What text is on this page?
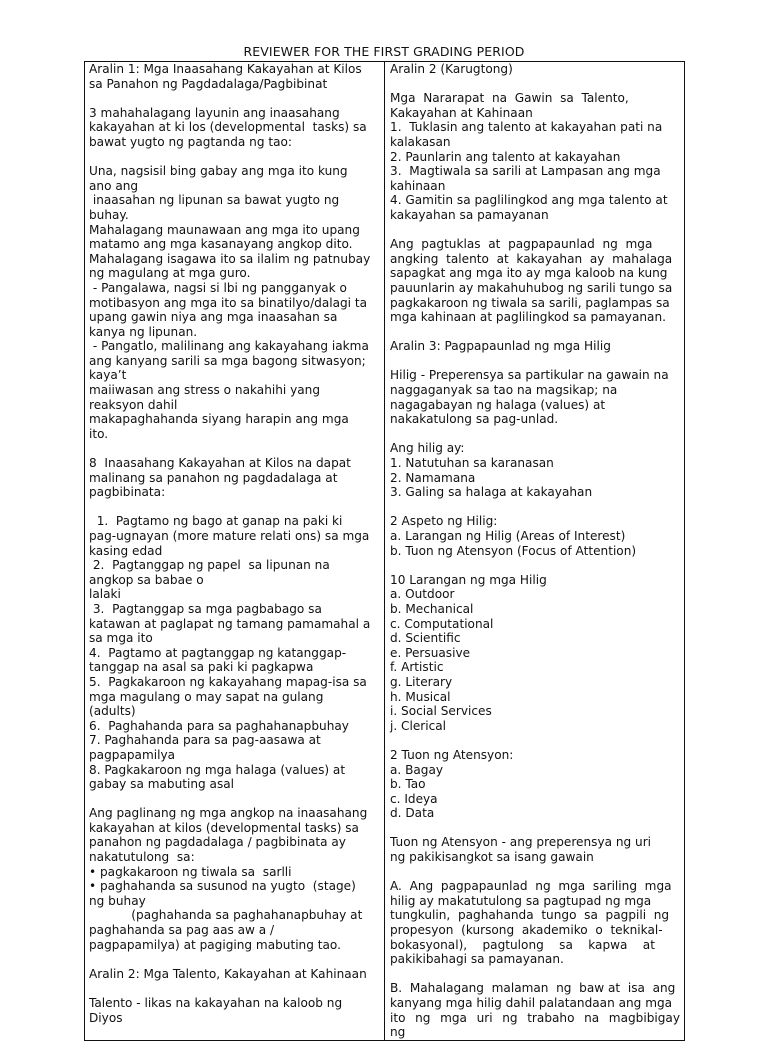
REVIEWER FOR THE FIRST GRADING PERIOD
Aralin 1: Mga Inaasahang Kakayahan at Kilos
sa Panahon ng Pagdadalaga/Pagbibinat

3 mahahalagang layunin ang inaasahang
kakayahan at ki los (developmental  tasks) sa
bawat yugto ng pagtanda ng tao:

Una, nagsisil bing gabay ang mga ito kung
ano ang
inaasahan ng lipunan sa bawat yugto ng
buhay.
Mahalagang maunawaan ang mga ito upang
matamo ang mga kasanayang angkop dito.
Mahalagang isagawa ito sa ilalim ng patnubay
ng magulang at mga guro.
- Pangalawa, nagsi si lbi ng pangganyak o
motibasyon ang mga ito sa binatilyo/dalagi ta
upang gawin niya ang mga inaasahan sa
kanya ng lipunan.
- Pangatlo, malilinang ang kakayahang iakma
ang kanyang sarili sa mga bagong sitwasyon;
kaya’t
maiiwasan ang stress o nakahihi yang
reaksyon dahil
makapaghahanda siyang harapin ang mga
ito.

8  Inaasahang Kakayahan at Kilos na dapat
malinang sa panahon ng pagdadalaga at
pagbibinata:

1.  Pagtamo ng bago at ganap na paki ki
pag-ugnayan (more mature relati ons) sa mga
kasing edad
2.  Pagtanggap ng papel  sa lipunan na
angkop sa babae o
lalaki
3.  Pagtanggap sa mga pagbabago sa
katawan at paglapat ng tamang pamamahal a
sa mga ito
4.  Pagtamo at pagtanggap ng katanggap-
tanggap na asal sa paki ki pagkapwa
5.  Pagkakaroon ng kakayahang mapag-isa sa
mga magulang o may sapat na gulang
(adults)
6.  Paghahanda para sa paghahanapbuhay
7. Paghahanda para sa pag-aasawa at
pagpapamilya
8. Pagkakaroon ng mga halaga (values) at
gabay sa mabuting asal

Ang paglinang ng mga angkop na inaasahang
kakayahan at kilos (developmental tasks) sa
panahon ng pagdadalaga / pagbibinata ay
nakatutulong  sa:
• pagkakaroon ng tiwala sa  sarlli
• paghahanda sa susunod na yugto  (stage)
ng buhay
(paghahanda sa paghahanapbuhay at
paghahanda sa pag aas aw a /
pagpapamilya) at pagiging mabuting tao.

Aralin 2: Mga Talento, Kakayahan at Kahinaan

Talento - likas na kakayahan na kaloob ng
Diyos
Aralin 2 (Karugtong)

Mga  Nararapat  na  Gawin  sa  Talento,
Kakayahan at Kahinaan
1.  Tuklasin ang talento at kakayahan pati na
kalakasan
2. Paunlarin ang talento at kakayahan
3.  Magtiwala sa sarili at Lampasan ang mga
kahinaan
4. Gamitin sa paglilingkod ang mga talento at
kakayahan sa pamayanan

Ang  pagtuklas  at  pagpapaunlad  ng  mga
angking  talento  at  kakayahan  ay  mahalaga
sapagkat ang mga ito ay mga kaloob na kung
pauunlarin ay makahuhubog ng sarili tungo sa
pagkakaroon ng tiwala sa sarili, paglampas sa
mga kahinaan at paglilingkod sa pamayanan.

Aralin 3: Pagpapaunlad ng mga Hilig

Hilig - Preperensya sa partikular na gawain na
naggaganyak sa tao na magsikap; na
nagagabayan ng halaga (values) at
nakakatulong sa pag-unlad.

Ang hilig ay:
1. Natutuhan sa karanasan
2. Namamana
3. Galing sa halaga at kakayahan

2 Aspeto ng Hilig:
a. Larangan ng Hilig (Areas of Interest)
b. Tuon ng Atensyon (Focus of Attention)

10 Larangan ng mga Hilig
a. Outdoor
b. Mechanical
c. Computational
d. Scientific
e. Persuasive
f. Artistic
g. Literary
h. Musical
i. Social Services
j. Clerical

2 Tuon ng Atensyon:
a. Bagay
b. Tao
c. Ideya
d. Data

Tuon ng Atensyon - ang preperensya ng uri
ng pakikisangkot sa isang gawain

A.  Ang  pagpapaunlad  ng  mga  sariling  mga
hilig ay makatutulong sa pagtupad ng mga
tungkulin,  paghahanda  tungo  sa  pagpili  ng
propesyon  (kursong  akademiko  o  teknikal-
bokasyonal),    pagtulong    sa    kapwa    at
pakikibahagi sa pamayanan.

B.  Mahalagang  malaman  ng  baw at  isa  ang
kanyang mga hilig dahil palatandaan ang mga
ito  ng  mga  uri  ng  trabaho  na  magbibigay  ng
